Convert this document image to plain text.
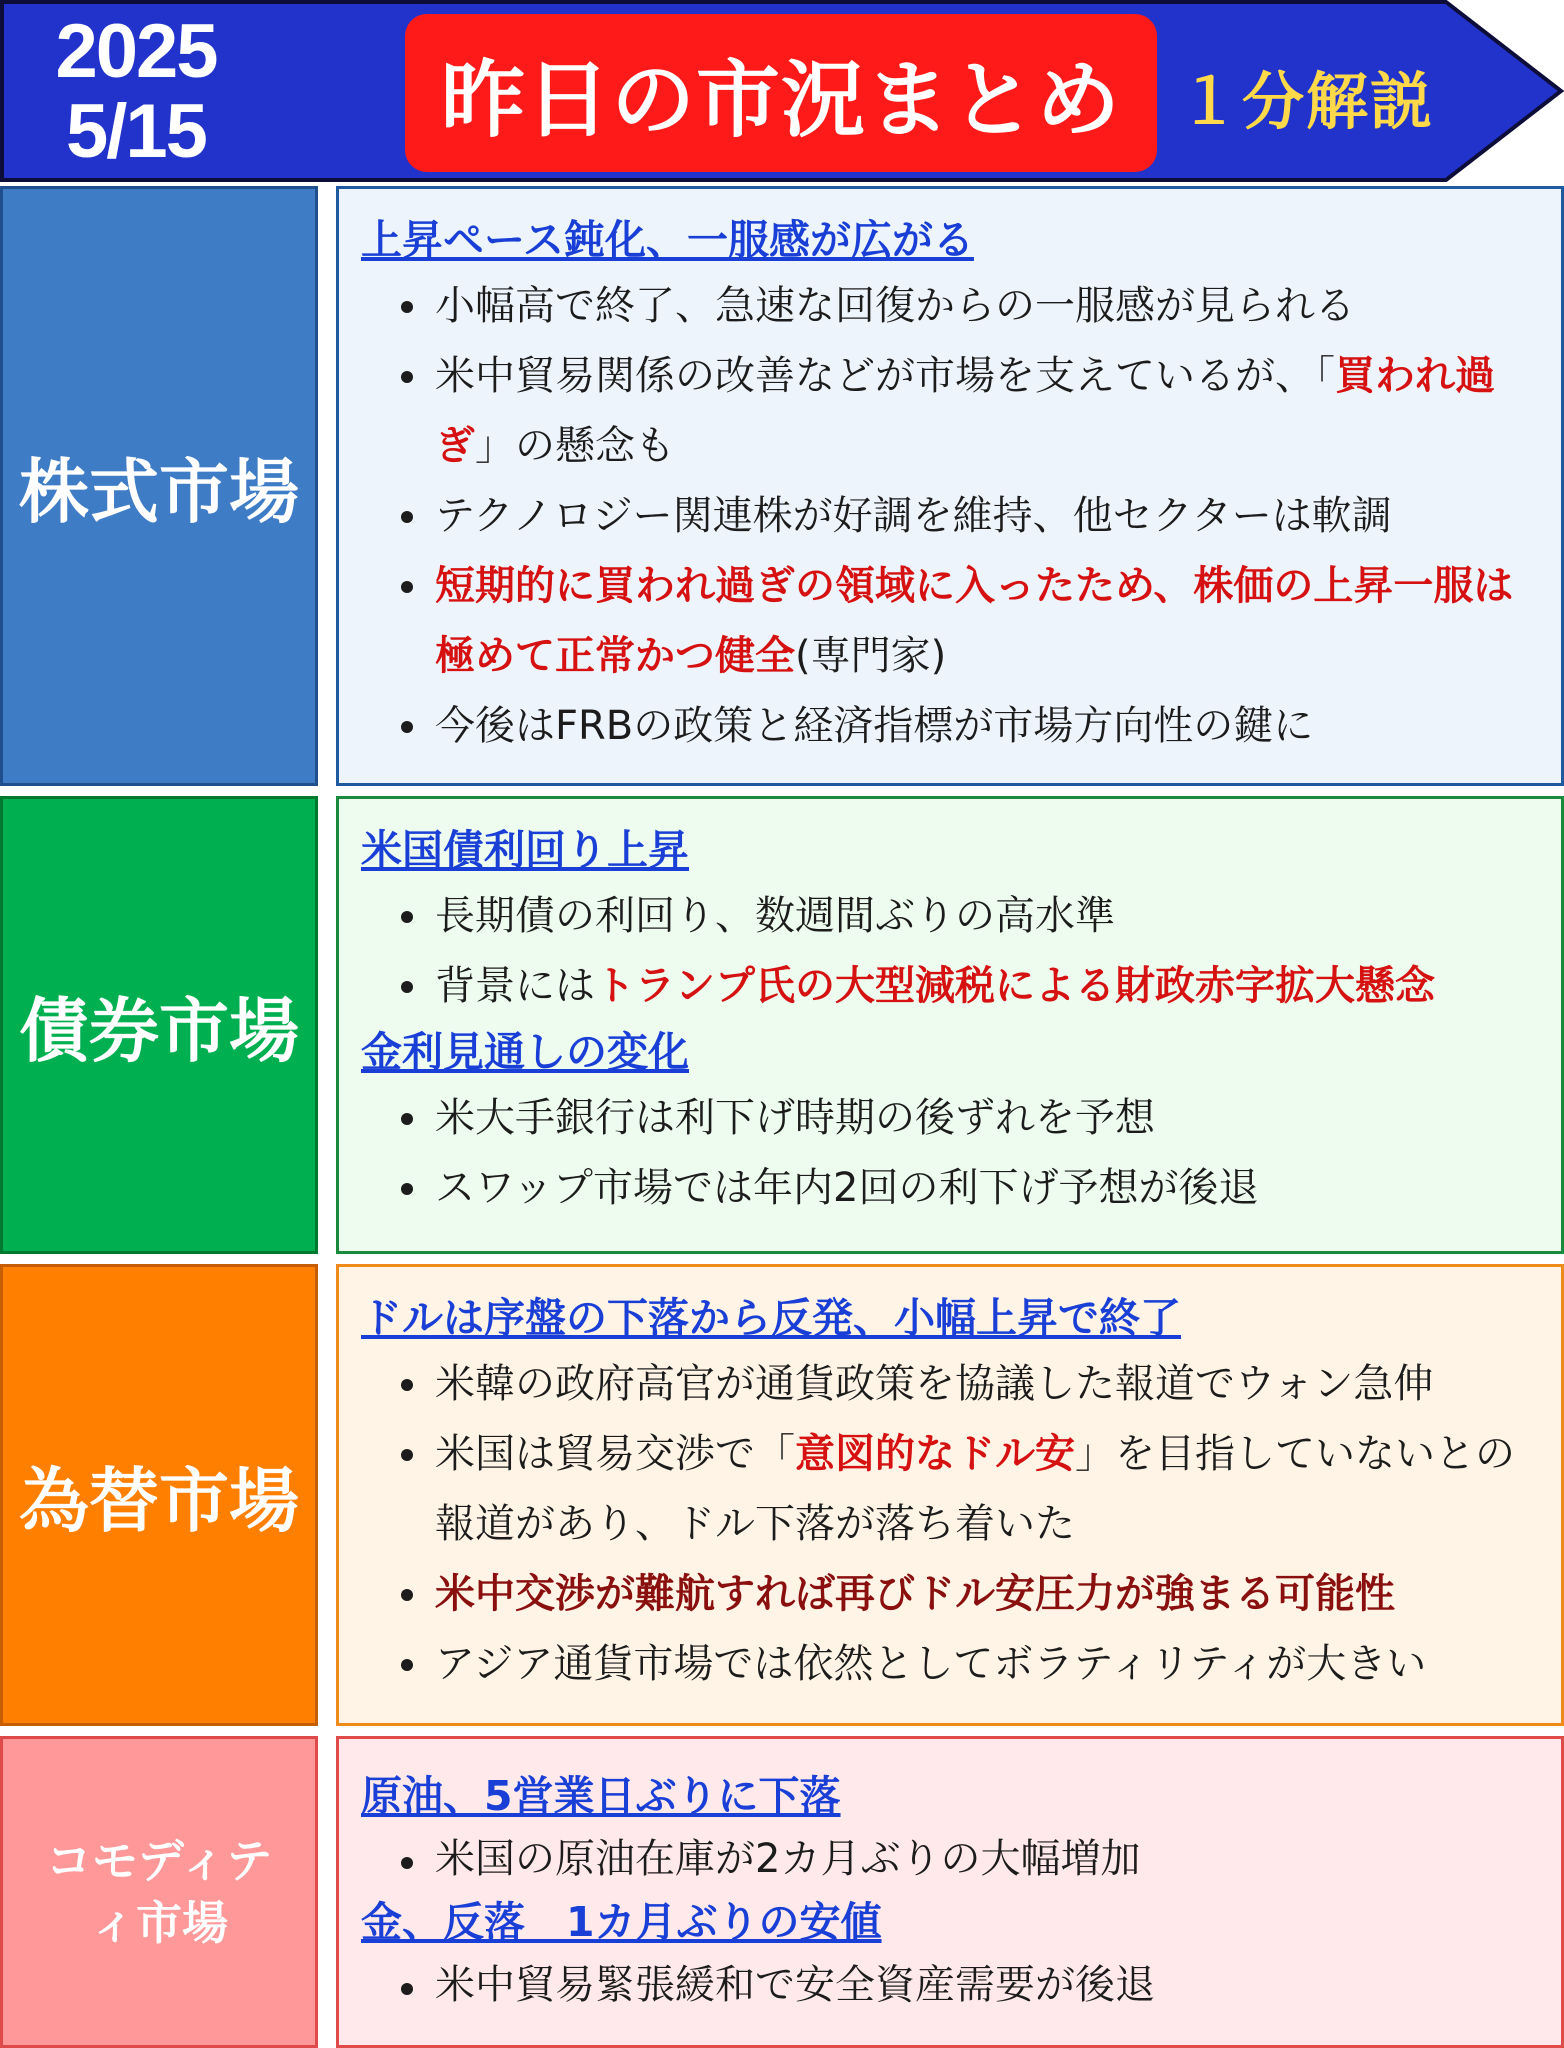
2025
5/15	昨日の市況まとめ １分解説
株式市場
上昇ペース鈍化、一服感が広がる
小幅高で終了、急速な回復からの一服感が見られる
米中貿易関係の改善などが市場を支えているが、「買われ過ぎ」の懸念も
テクノロジー関連株が好調を維持、他セクターは軟調
短期的に買われ過ぎの領域に入ったため、株価の上昇一服は極めて正常かつ健全(専門家)
今後はFRBの政策と経済指標が市場方向性の鍵に
債券市場
米国債利回り上昇
長期債の利回り、数週間ぶりの高水準
背景にはトランプ氏の大型減税による財政赤字拡大懸念
金利見通しの変化
米大手銀行は利下げ時期の後ずれを予想
スワップ市場では年内2回の利下げ予想が後退
為替市場
ドルは序盤の下落から反発、小幅上昇で終了
米韓の政府高官が通貨政策を協議した報道でウォン急伸
米国は貿易交渉で「意図的なドル安」を目指していないとの報道があり、ドル下落が落ち着いた
米中交渉が難航すれば再びドル安圧力が強まる可能性
アジア通貨市場では依然としてボラティリティが大きい
コモディテ
ィ市場
原油、5営業日ぶりに下落
米国の原油在庫が2カ月ぶりの大幅増加
金、反落　1カ月ぶりの安値
米中貿易緊張緩和で安全資産需要が後退
